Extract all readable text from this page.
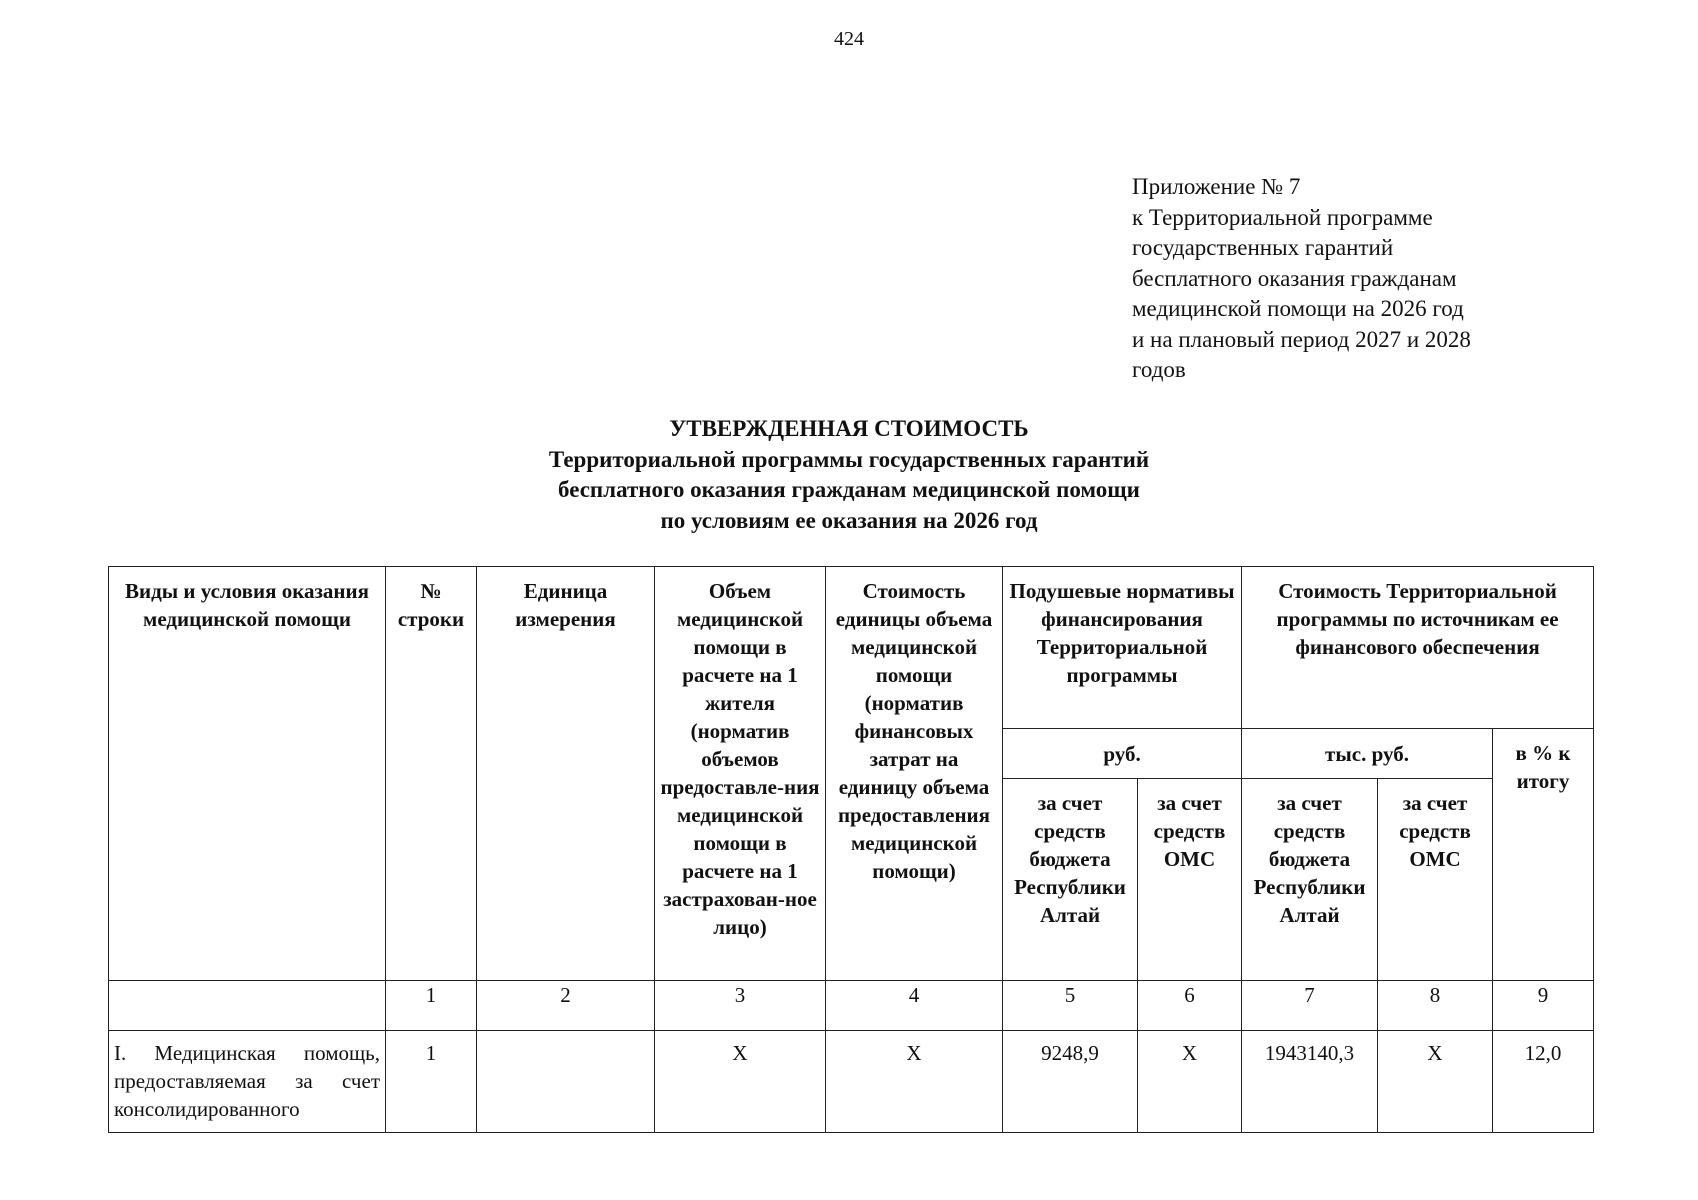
424
Приложение № 7
к Территориальной программе
государственных гарантий
бесплатного оказания гражданам
медицинской помощи на 2026 год
и на плановый период 2027 и 2028
годов
УТВЕРЖДЕННАЯ СТОИМОСТЬ
Территориальной программы государственных гарантий
бесплатного оказания гражданам медицинской помощи
по условиям ее оказания на 2026 год
Виды и условия оказания медицинской помощи	№ строки	Единица измерения	Объем медицинской помощи в расчете на 1 жителя (норматив объемов предоставле-ния медицинской помощи в расчете на 1 застрахован-ное лицо)	Стоимость единицы объема медицинской помощи (норматив финансовых затрат на единицу объема предоставления медицинской помощи)	Подушевые нормативы финансирования Территориальной программы		Стоимость Территориальной программы по источникам ее финансового обеспечения		
					руб.		тыс. руб.		в % к итогу
					за счет средств бюджета Республики Алтай	за счет средств ОМС	за счет средств бюджета Республики Алтай	за счет средств ОМС	
	1	2	3	4	5	6	7	8	9
I. Медицинская помощь, предоставляемая за счет консолидированного	1		Х	Х	9248,9	Х	1943140,3	Х	12,0
